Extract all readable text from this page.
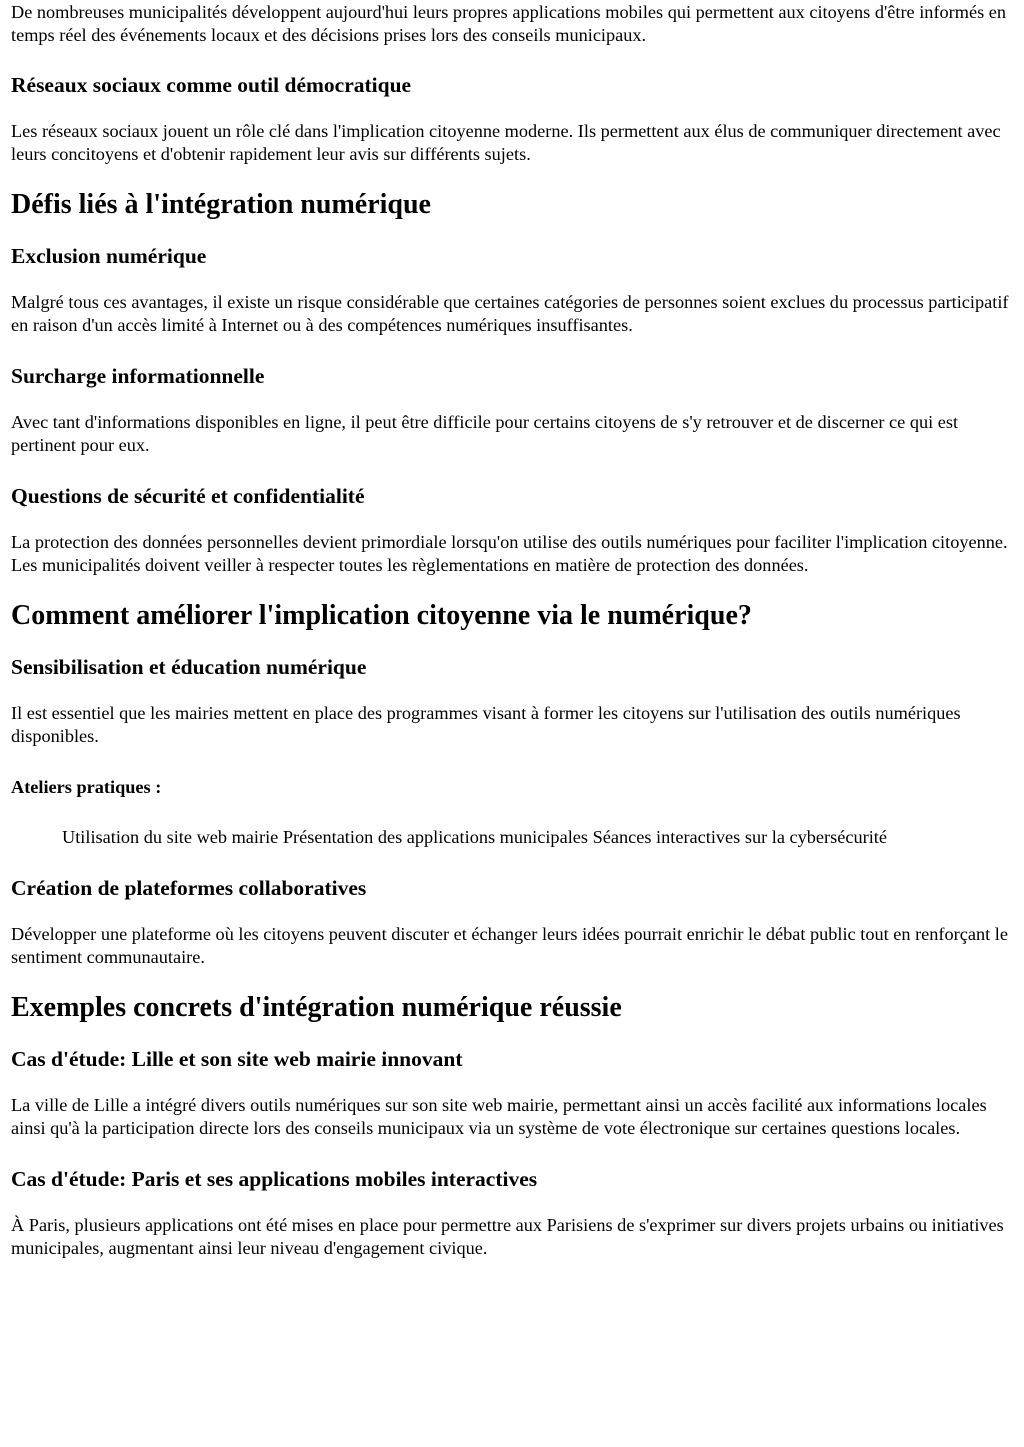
De nombreuses municipalités développent aujourd'hui leurs propres applications mobiles qui permettent aux citoyens d'être informés en temps réel des événements locaux et des décisions prises lors des conseils municipaux.

Réseaux sociaux comme outil démocratique

Les réseaux sociaux jouent un rôle clé dans l'implication citoyenne moderne. Ils permettent aux élus de communiquer directement avec leurs concitoyens et d'obtenir rapidement leur avis sur différents sujets.

Défis liés à l'intégration numérique
Exclusion numérique

Malgré tous ces avantages, il existe un risque considérable que certaines catégories de personnes soient exclues du processus participatif en raison d'un accès limité à Internet ou à des compétences numériques insuffisantes.

Surcharge informationnelle

Avec tant d'informations disponibles en ligne, il peut être difficile pour certains citoyens de s'y retrouver et de discerner ce qui est pertinent pour eux.

Questions de sécurité et confidentialité

La protection des données personnelles devient primordiale lorsqu'on utilise des outils numériques pour faciliter l'implication citoyenne. Les municipalités doivent veiller à respecter toutes les règlementations en matière de protection des données.

Comment améliorer l'implication citoyenne via le numérique?
Sensibilisation et éducation numérique

Il est essentiel que les mairies mettent en place des programmes visant à former les citoyens sur l'utilisation des outils numériques disponibles.

Ateliers pratiques :
Utilisation du site web mairie Présentation des applications municipales Séances interactives sur la cybersécurité
Création de plateformes collaboratives

Développer une plateforme où les citoyens peuvent discuter et échanger leurs idées pourrait enrichir le débat public tout en renforçant le sentiment communautaire.

Exemples concrets d'intégration numérique réussie
Cas d'étude: Lille et son site web mairie innovant

La ville de Lille a intégré divers outils numériques sur son site web mairie, permettant ainsi un accès facilité aux informations locales ainsi qu'à la participation directe lors des conseils municipaux via un système de vote électronique sur certaines questions locales.

Cas d'étude: Paris et ses applications mobiles interactives

À Paris, plusieurs applications ont été mises en place pour permettre aux Parisiens de s'exprimer sur divers projets urbains ou initiatives municipales, augmentant ainsi leur niveau d'engagement civique.
